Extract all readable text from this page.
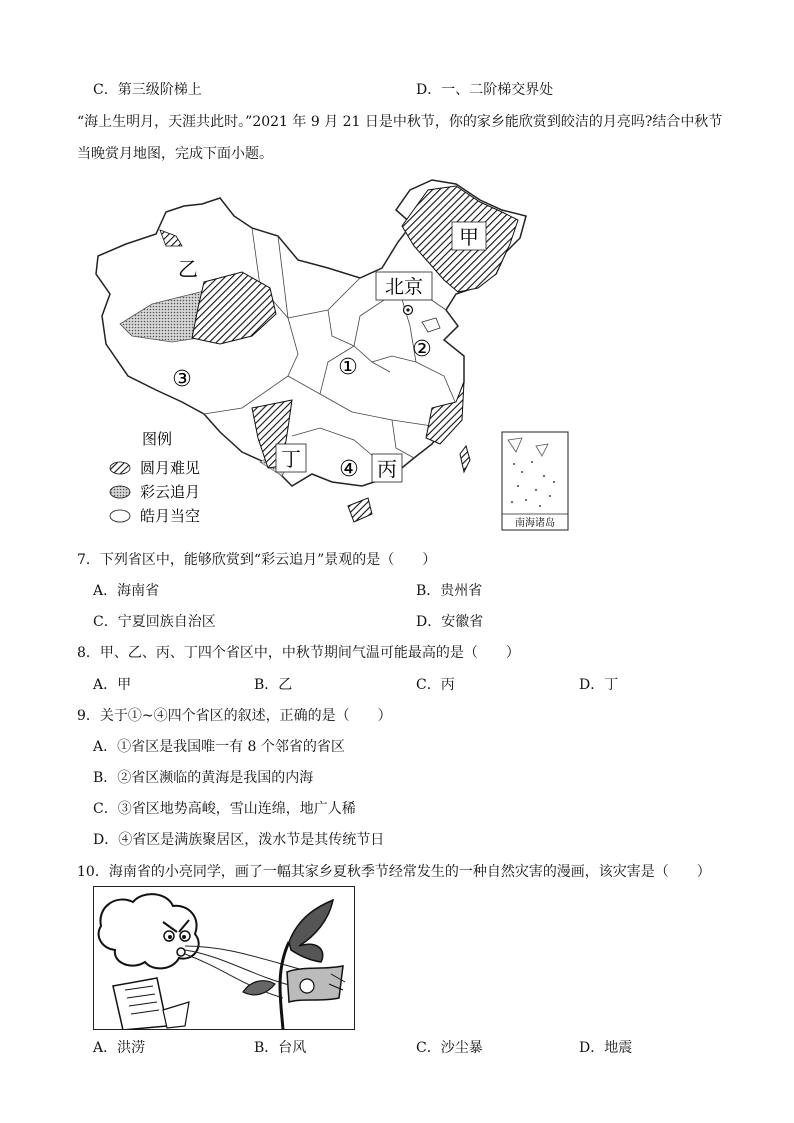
C．第三级阶梯上	D．一、二阶梯交界处
“海上生明月，天涯共此时。”2021 年 9 月 21 日是中秋节，你的家乡能欣赏到皎洁的月亮吗?结合中秋节
当晚赏月地图，完成下面小题。
甲
乙
北京
①
②
③
④
丁	丙
图例
圆月难见
彩云追月
皓月当空	南海诸岛
7．下列省区中，能够欣赏到“彩云追月”景观的是（　　）
A．海南省	B．贵州省
C．宁夏回族自治区	D．安徽省
8．甲、乙、丙、丁四个省区中，中秋节期间气温可能最高的是（　　）
A．甲	B．乙	C．丙	D．丁
9．关于①~④四个省区的叙述，正确的是（　　）
A．①省区是我国唯一有 8 个邻省的省区
B．②省区濒临的黄海是我国的内海
C．③省区地势高峻，雪山连绵，地广人稀
D．④省区是满族聚居区，泼水节是其传统节日
10．海南省的小亮同学，画了一幅其家乡夏秋季节经常发生的一种自然灾害的漫画，该灾害是（　　）
A．洪涝	B．台风	C．沙尘暴	D．地震
